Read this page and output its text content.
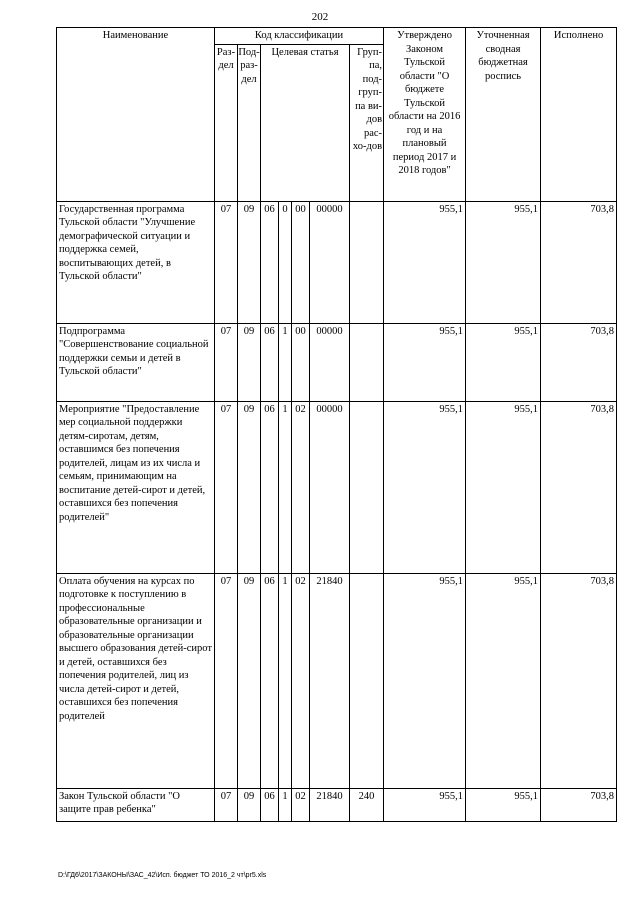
202
Наименование	Код классификации							Утверждено Законом Тульской области "О бюджете Тульской области на 2016 год и на плановый период 2017 и 2018 годов"	Уточненная сводная бюджетная роспись	Исполнено
	Раз-дел	Под-раз-дел	Целевая статья				Груп-па, под-груп-па ви-дов рас-хо-дов			
Государственная программа Тульской области "Улучшение демографической ситуации и поддержка семей, воспитывающих детей, в Тульской области"	07	09	06	0	00	00000		955,1	955,1	703,8
Подпрограмма "Совершенствование социальной поддержки семьи и детей в Тульской области"	07	09	06	1	00	00000		955,1	955,1	703,8
Мероприятие "Предоставление мер социальной поддержки детям-сиротам, детям, оставшимся без попечения родителей, лицам из их числа и семьям, принимающим на воспитание детей-сирот и детей, оставшихся без попечения родителей"	07	09	06	1	02	00000		955,1	955,1	703,8
Оплата обучения на курсах по подготовке к поступлению в профессиональные образовательные организации и образовательные организации высшего образования детей-сирот и детей, оставшихся без попечения родителей, лиц из числа детей-сирот и детей, оставшихся без попечения родителей	07	09	06	1	02	21840		955,1	955,1	703,8
Закон Тульской области "О защите прав ребенка"	07	09	06	1	02	21840	240	955,1	955,1	703,8
D:\ГД6\2017\ЗАКОНЫ\ЗАС_42\Исп. бюджет ТО 2016_2 чт\pr5.xls
